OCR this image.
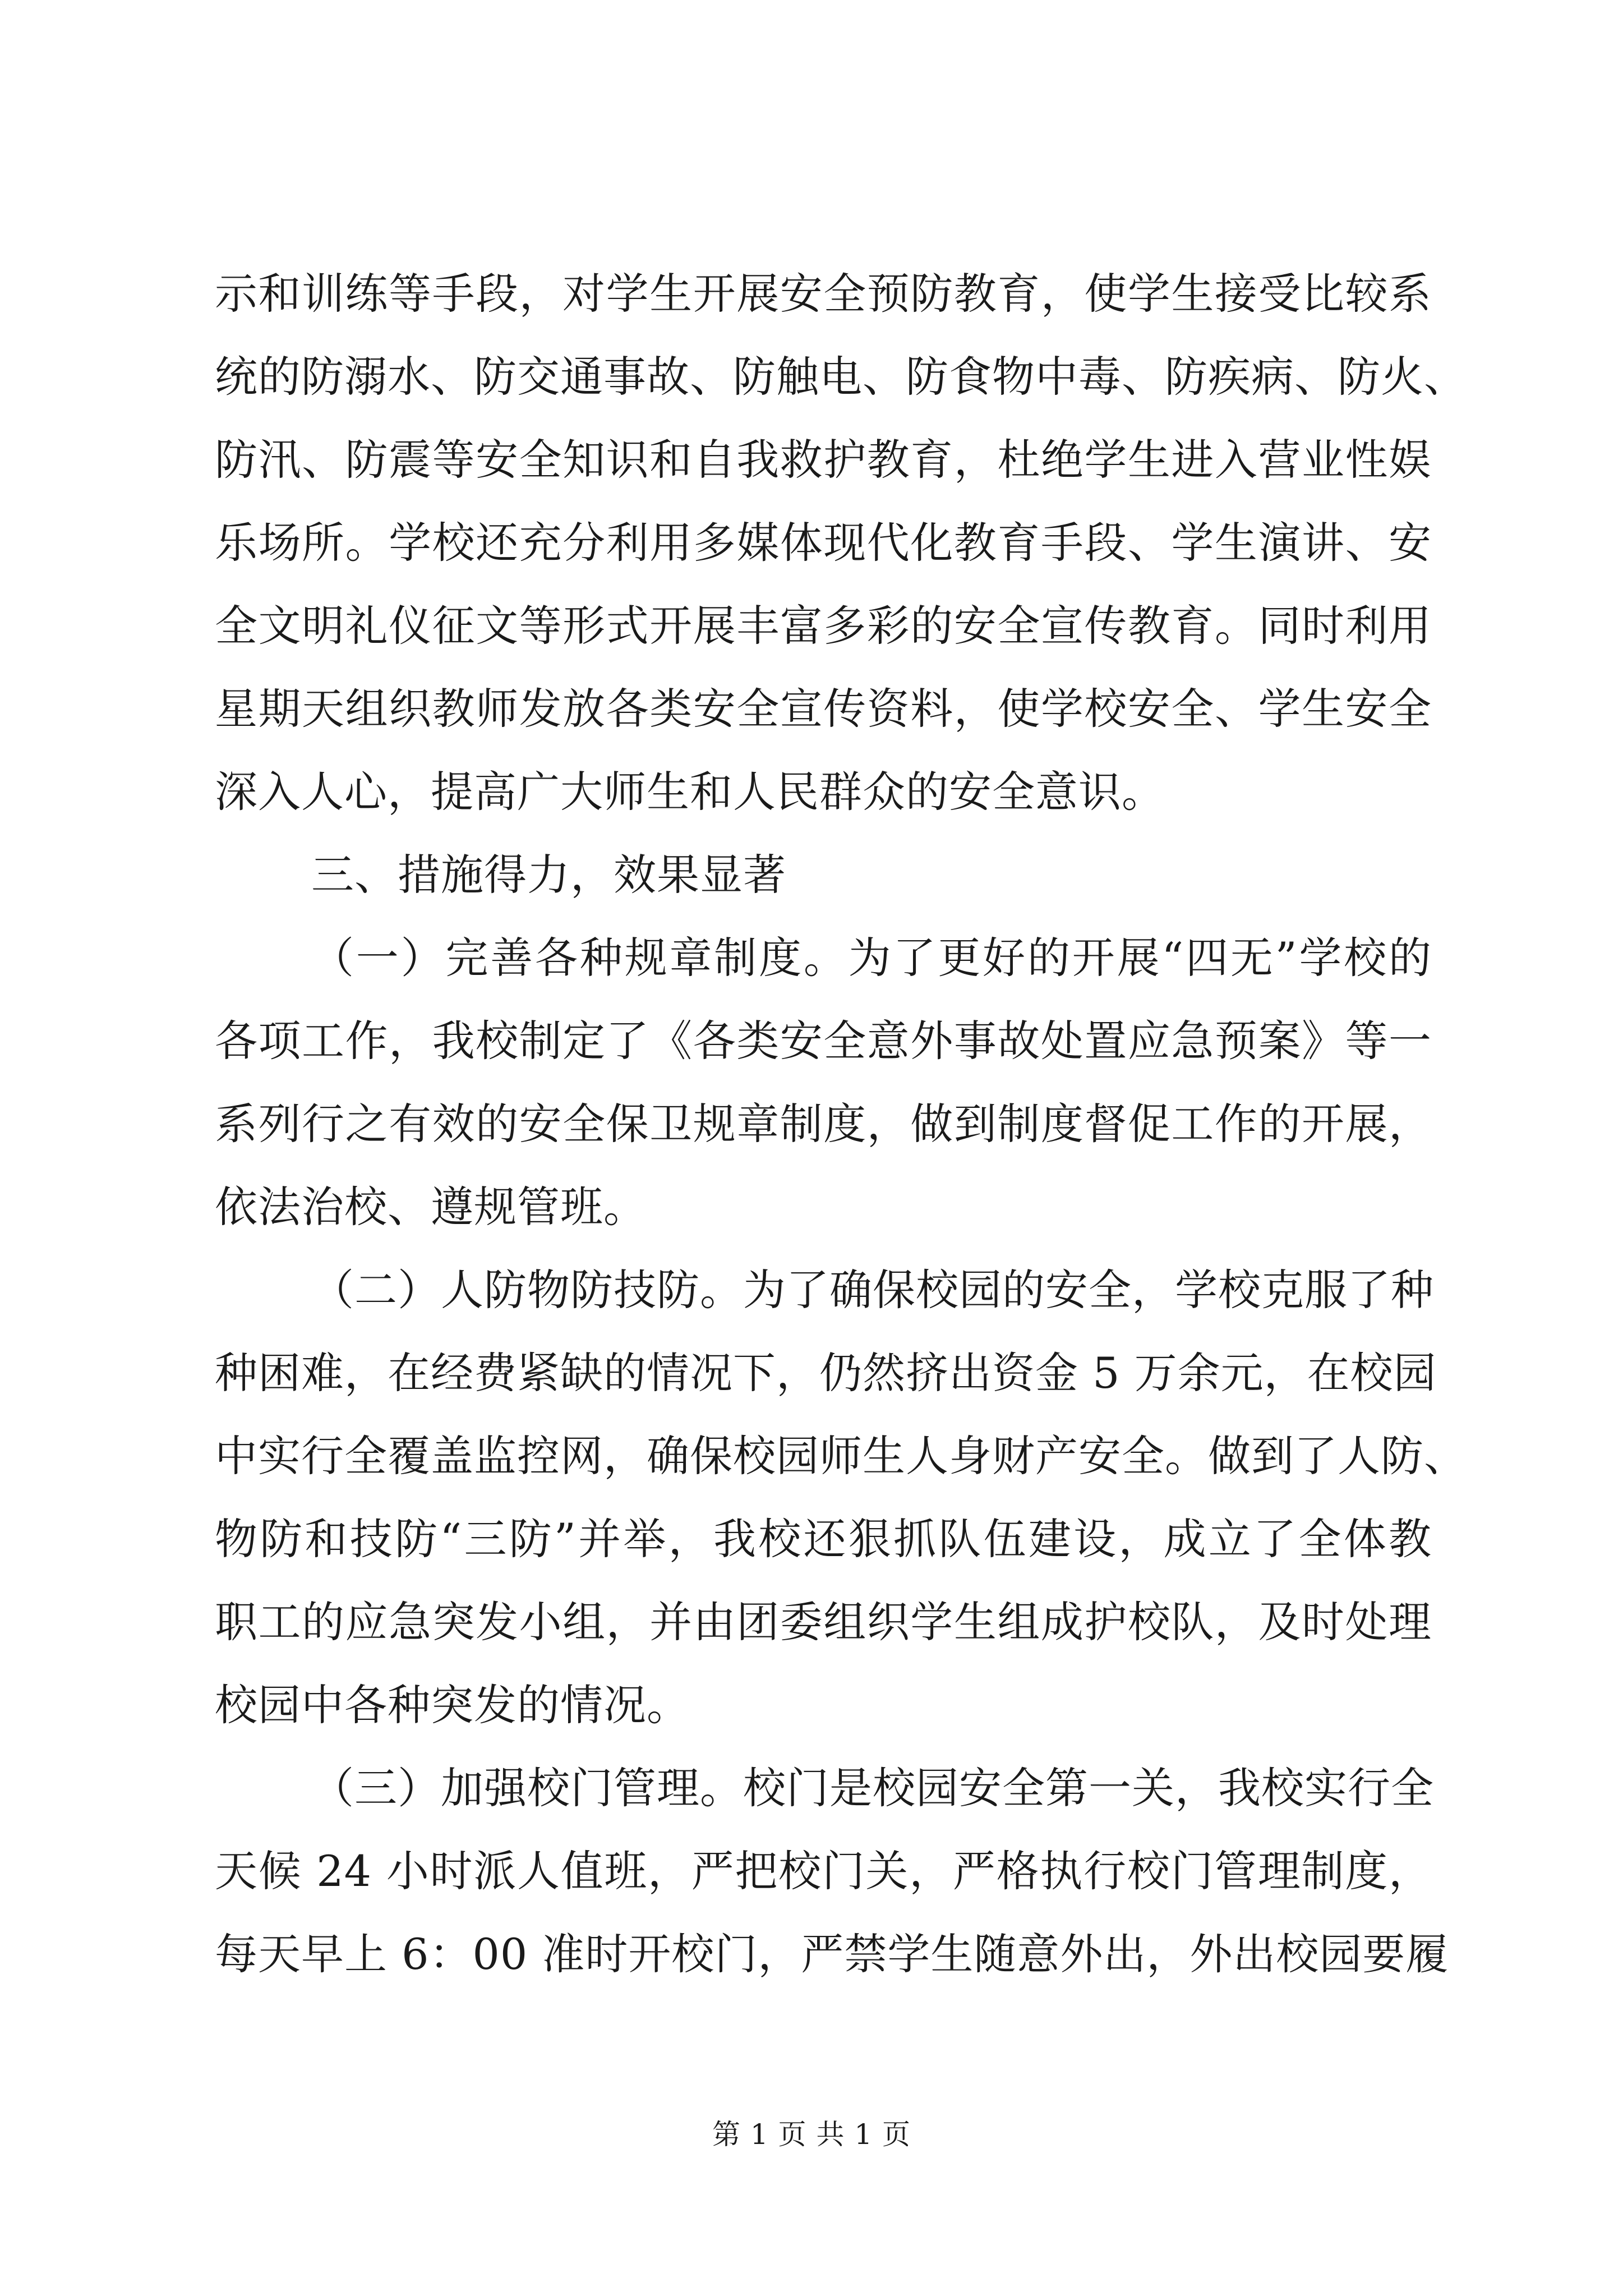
示和训练等手段，对学生开展安全预防教育，使学生接受比较系
统的防溺水、防交通事故、防触电、防食物中毒、防疾病、防火、
防汛、防震等安全知识和自我救护教育，杜绝学生进入营业性娱
乐场所。学校还充分利用多媒体现代化教育手段、学生演讲、安
全文明礼仪征文等形式开展丰富多彩的安全宣传教育。同时利用
星期天组织教师发放各类安全宣传资料，使学校安全、学生安全
深入人心，提高广大师生和人民群众的安全意识。
三、措施得力，效果显著
（一）完善各种规章制度。为了更好的开展“四无”学校的
各项工作，我校制定了《各类安全意外事故处置应急预案》等一
系列行之有效的安全保卫规章制度，做到制度督促工作的开展，
依法治校、遵规管班。
（二）人防物防技防。为了确保校园的安全，学校克服了种
种困难，在经费紧缺的情况下，仍然挤出资金 5 万余元，在校园
中实行全覆盖监控网，确保校园师生人身财产安全。做到了人防、
物防和技防“三防”并举，我校还狠抓队伍建设，成立了全体教
职工的应急突发小组，并由团委组织学生组成护校队，及时处理
校园中各种突发的情况。
（三）加强校门管理。校门是校园安全第一关，我校实行全
天候 24 小时派人值班，严把校门关，严格执行校门管理制度，
每天早上 6：00 准时开校门，严禁学生随意外出，外出校园要履
第 1 页 共 1 页
